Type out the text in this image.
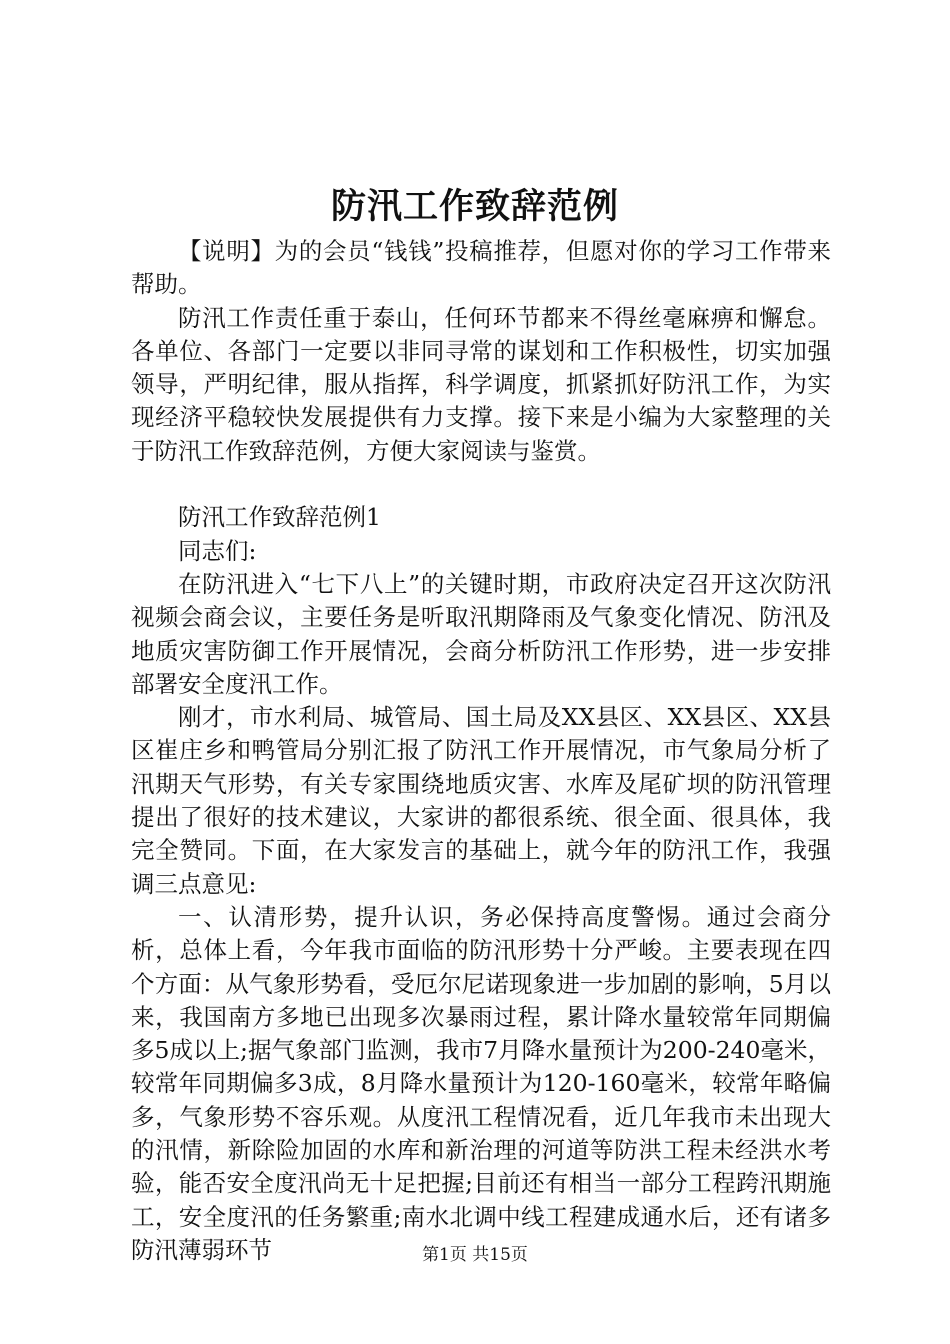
防汛工作致辞范例

【说明】为的会员“钱钱”投稿推荐，但愿对你的学习工作带来帮助。

防汛工作责任重于泰山，任何环节都来不得丝毫麻痹和懈怠。各单位、各部门一定要以非同寻常的谋划和工作积极性，切实加强领导，严明纪律，服从指挥，科学调度，抓紧抓好防汛工作，为实现经济平稳较快发展提供有力支撑。接下来是小编为大家整理的关于防汛工作致辞范例，方便大家阅读与鉴赏。

防汛工作致辞范例1

同志们:

在防汛进入“七下八上”的关键时期，市政府决定召开这次防汛视频会商会议，主要任务是听取汛期降雨及气象变化情况、防汛及地质灾害防御工作开展情况，会商分析防汛工作形势，进一步安排部署安全度汛工作。

刚才，市水利局、城管局、国土局及XX县区、XX县区、XX县区崔庄乡和鸭管局分别汇报了防汛工作开展情况，市气象局分析了汛期天气形势，有关专家围绕地质灾害、水库及尾矿坝的防汛管理提出了很好的技术建议，大家讲的都很系统、很全面、很具体，我完全赞同。下面，在大家发言的基础上，就今年的防汛工作，我强调三点意见:

一、认清形势，提升认识，务必保持高度警惕。通过会商分析，总体上看，今年我市面临的防汛形势十分严峻。主要表现在四个方面：从气象形势看，受厄尔尼诺现象进一步加剧的影响，5月以来，我国南方多地已出现多次暴雨过程，累计降水量较常年同期偏多5成以上;据气象部门监测，我市7月降水量预计为200-240毫米，较常年同期偏多3成，8月降水量预计为120-160毫米，较常年略偏多，气象形势不容乐观。从度汛工程情况看，近几年我市未出现大的汛情，新除险加固的水库和新治理的河道等防洪工程未经洪水考验，能否安全度汛尚无十足把握;目前还有相当一部分工程跨汛期施工，安全度汛的任务繁重;南水北调中线工程建成通水后，还有诸多防汛薄弱环节	第1页 共15页
